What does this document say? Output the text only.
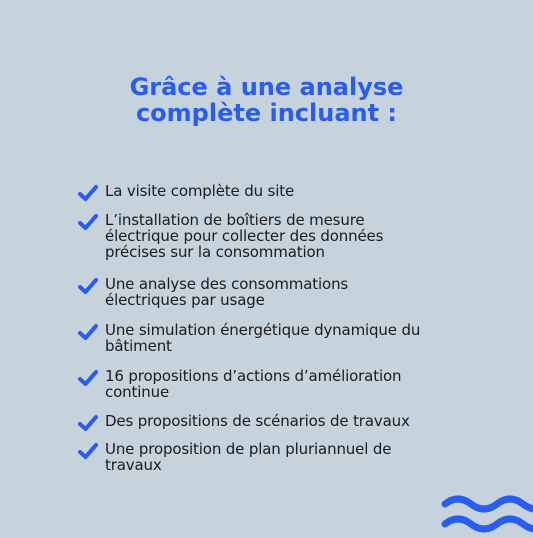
Grâce à une analyse
complète incluant :
La visite complète du site
L’installation de boîtiers de mesure
électrique pour collecter des données
précises sur la consommation
Une analyse des consommations
électriques par usage
Une simulation énergétique dynamique du
bâtiment
16 propositions d’actions d’amélioration
continue
Des propositions de scénarios de travaux
Une proposition de plan pluriannuel de
travaux
